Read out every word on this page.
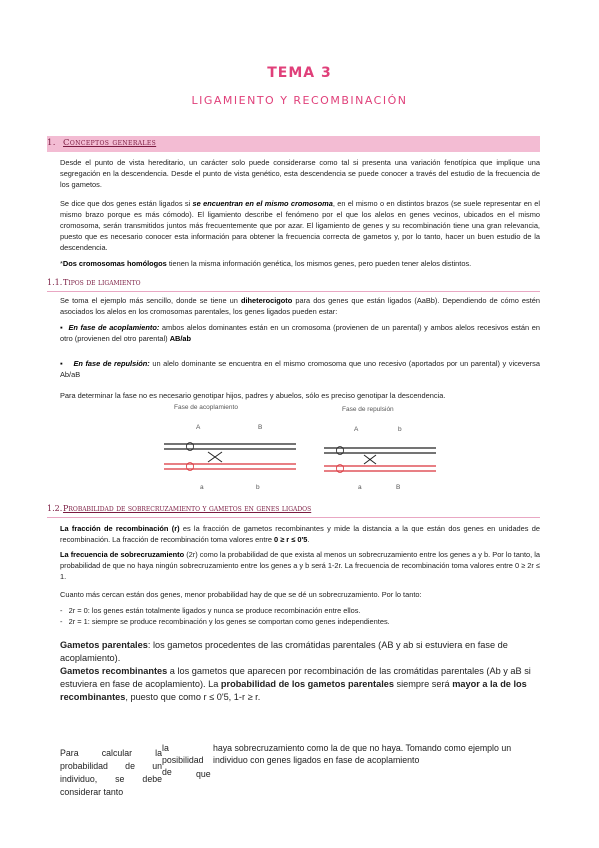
TEMA 3
LIGAMIENTO Y RECOMBINACIÓN
1. Conceptos generales
Desde el punto de vista hereditario, un carácter solo puede considerarse como tal si presenta una variación fenotípica que implique una segregación en la descendencia. Desde el punto de vista genético, esta descendencia se puede conocer a través del estudio de la frecuencia de los gametos.
Se dice que dos genes están ligados si se encuentran en el mismo cromosoma, en el mismo o en distintos brazos (se suele representar en el mismo brazo porque es más cómodo). El ligamiento describe el fenómeno por el que los alelos en genes vecinos, ubicados en el mismo cromosoma, serán transmitidos juntos más frecuentemente que por azar. El ligamiento de genes y su recombinación tiene una gran relevancia, puesto que es necesario conocer esta información para obtener la frecuencia correcta de gametos y, por lo tanto, hacer un buen estudio de la descendencia.
*Dos cromosomas homólogos tienen la misma información genética, los mismos genes, pero pueden tener alelos distintos.
1.1. Tipos de ligamiento
Se toma el ejemplo más sencillo, donde se tiene un diheterocigoto para dos genes que están ligados (AaBb). Dependiendo de cómo estén asociados los alelos en los cromosomas parentales, los genes ligados pueden estar:
▪  En fase de acoplamiento: ambos alelos dominantes están en un cromosoma (provienen de un parental) y ambos alelos recesivos están en otro (provienen del otro parental) AB/ab
▪    En fase de repulsión: un alelo dominante se encuentra en el mismo cromosoma que uno recesivo (aportados por un parental) y viceversa Ab/aB
Para determinar la fase no es necesario genotipar hijos, padres y abuelos, sólo es preciso genotipar la descendencia.
Fase de acoplamiento
A	B
a	b
Fase de repulsión
A	b
a	B
1.2. Probabilidad de sobrecruzamiento y gametos en genes ligados
La fracción de recombinación (r) es la fracción de gametos recombinantes y mide la distancia a la que están dos genes en unidades de recombinación. La fracción de recombinación toma valores entre 0 ≥ r ≤ 0'5.
La frecuencia de sobrecruzamiento (2r) como la probabilidad de que exista al menos un sobrecruzamiento entre los genes a y b. Por lo tanto, la probabilidad de que no haya ningún sobrecruzamiento entre los genes a y b será 1-2r. La frecuencia de recombinación toma valores entre 0 ≥ 2r ≤ 1.
Cuanto más cercan están dos genes, menor probabilidad hay de que se dé un sobrecruzamiento. Por lo tanto:
-   2r = 0: los genes están totalmente ligados y nunca se produce recombinación entre ellos.
-   2r = 1: siempre se produce recombinación y los genes se comportan como genes independientes.
Gametos parentales: los gametos procedentes de las cromátidas parentales (AB y ab si estuviera en fase de acoplamiento).
Gametos recombinantes a los gametos que aparecen por recombinación de las cromátidas parentales (Ab y aB si estuviera en fase de acoplamiento). La probabilidad de los gametos parentales siempre será mayor a la de los recombinantes, puesto que como r ≤ 0'5, 1-r ≥ r.
Para calcular la probabilidad de un individuo, se debe considerar tanto
la posibilidad de	que
haya sobrecruzamiento como la de que no haya. Tomando como ejemplo un individuo con genes ligados en fase de acoplamiento
